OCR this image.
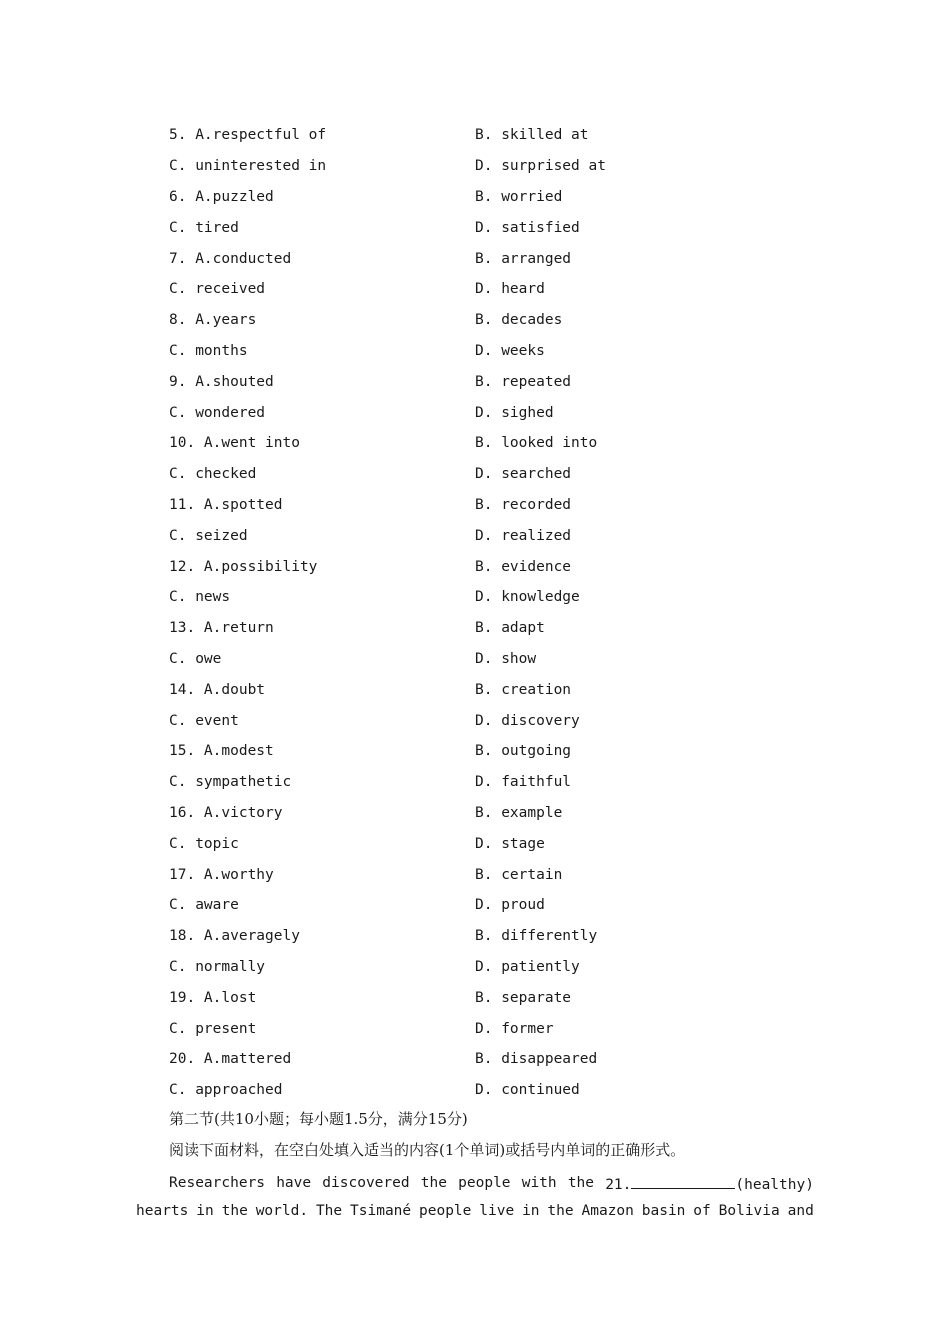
5. A.respectful of	B. skilled at
C. uninterested in	D. surprised at
6. A.puzzled	B. worried
C. tired	D. satisfied
7. A.conducted	B. arranged
C. received	D. heard
8. A.years	B. decades
C. months	D. weeks
9. A.shouted	B. repeated
C. wondered	D. sighed
10. A.went into	B. looked into
C. checked	D. searched
11. A.spotted	B. recorded
C. seized	D. realized
12. A.possibility	B. evidence
C. news	D. knowledge
13. A.return	B. adapt
C. owe	D. show
14. A.doubt	B. creation
C. event	D. discovery
15. A.modest	B. outgoing
C. sympathetic	D. faithful
16. A.victory	B. example
C. topic	D. stage
17. A.worthy	B. certain
C. aware	D. proud
18. A.averagely	B. differently
C. normally	D. patiently
19. A.lost	B. separate
C. present	D. former
20. A.mattered	B. disappeared
C. approached	D. continued
第二节(共10小题；每小题1.5分，满分15分)
阅读下面材料，在空白处填入适当的内容(1个单词)或括号内单词的正确形式。
Researchers have discovered the people with the 21.	(healthy)
hearts in the world. The Tsimané people live in the Amazon basin of Bolivia and
